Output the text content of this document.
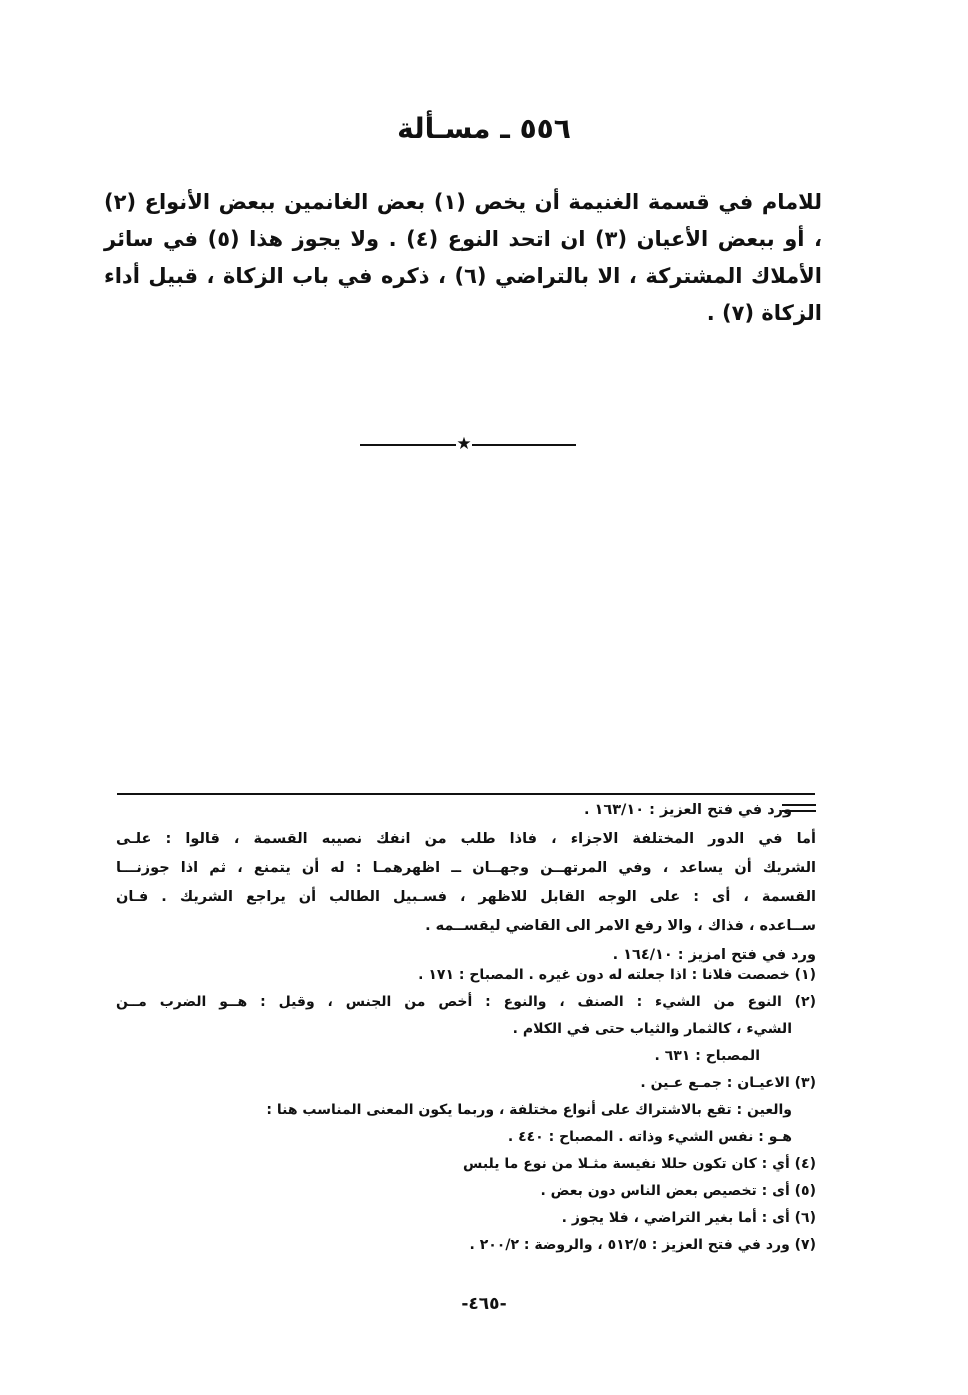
٥٥٦ ـ مسـألة
للامام في قسمة الغنيمة أن يخص (١) بعض الغانمين ببعض الأنواع (٢) ، أو ببعض الأعيان (٣) ان اتحد النوع (٤) . ولا يجوز هذا (٥) في سائر الأملاك المشتركة ، الا بالتراضي (٦) ، ذكره في باب الزكاة ، قبيل أداء الزكاة (٧) .
★
ورد في فتح العزيز : ١٦٣/١٠ .
أما في الدور المختلفة الاجزاء ، فاذا طلب من انفك نصيبه القسمة ، قالوا : علـى
الشريك أن يساعد ، وفي المرتهــن وجهــان ــ اظهرهمـا : له أن يتمنع ، ثم اذا جوزنـــا
القسمة ، أى : على الوجه القابل للاظهر ، فسـبيل الطالب أن يراجع الشريك . فـان
ســاعده ، فذاك ، والا رفع الامر الى القاضي ليقســمه .
ورد في فتح امزيز : ١٦٤/١٠ .
(١) خصصت فلانا : اذا جعلته له دون غيره . المصباح : ١٧١ .
(٢) النوع من الشيء : الصنف ، والنوع : أخص من الجنس ، وقيل : هــو الضرب مــن
الشيء ، كالثمار والثياب حتى في الكلام .
المصباح : ٦٣١ .
(٣) الاعيـان : جمـع عـين .
والعين : تقع بالاشتراك على أنواع مختلفة ، وربما يكون المعنى المناسب هنا :
هـو : نفس الشيء وذاته . المصباح : ٤٤٠ .
(٤) أي : كان تكون حللا نفيسة مثـلا من نوع ما يلبس
(٥) أى : تخصيص بعض الناس دون بعض .
(٦) أى : أما بغير التراضي ، فلا يجوز .
(٧) ورد في فتح العزيز : ٥١٢/٥ ، والروضة : ٢٠٠/٢ .
-٤٦٥-
